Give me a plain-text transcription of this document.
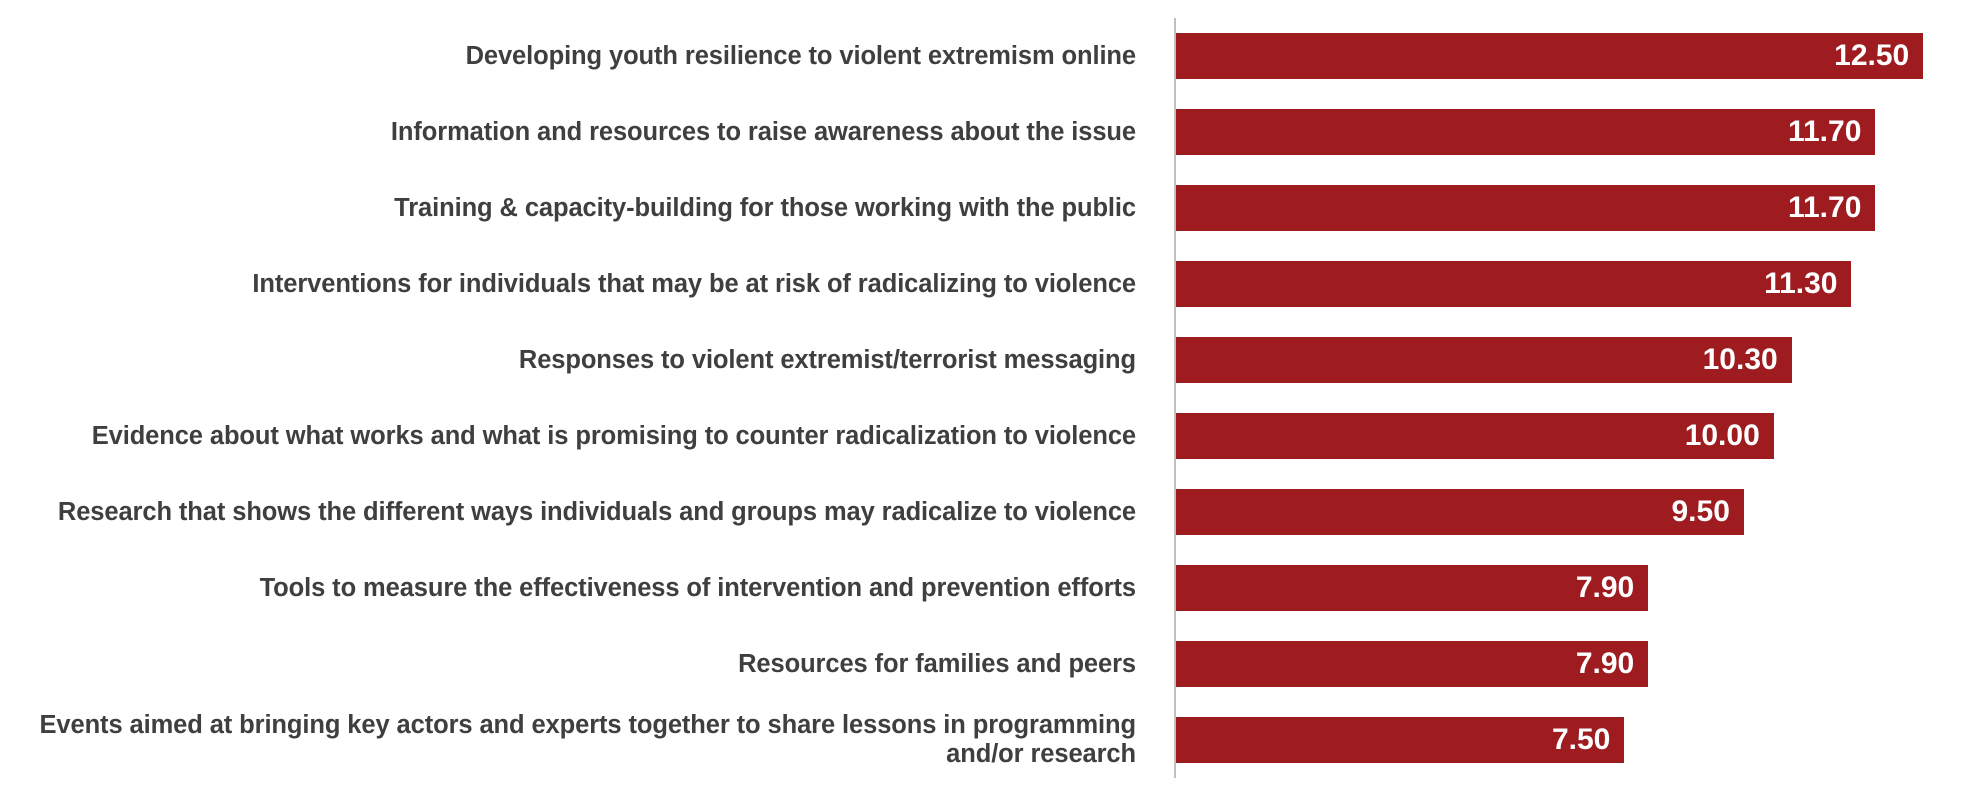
Developing youth resilience to violent extremism online	12.50
Information and resources to raise awareness about the issue	11.70
Training & capacity-building for those working with the public	11.70
Interventions for individuals that may be at risk of radicalizing to violence	11.30
Responses to violent extremist/terrorist messaging	10.30
Evidence about what works and what is promising to counter radicalization to violence	10.00
Research that shows the different ways individuals and groups may radicalize to violence	9.50
Tools to measure the effectiveness of intervention and prevention efforts	7.90
Resources for families and peers	7.90
Events aimed at bringing key actors and experts together to share lessons in programming and/or research	7.50
